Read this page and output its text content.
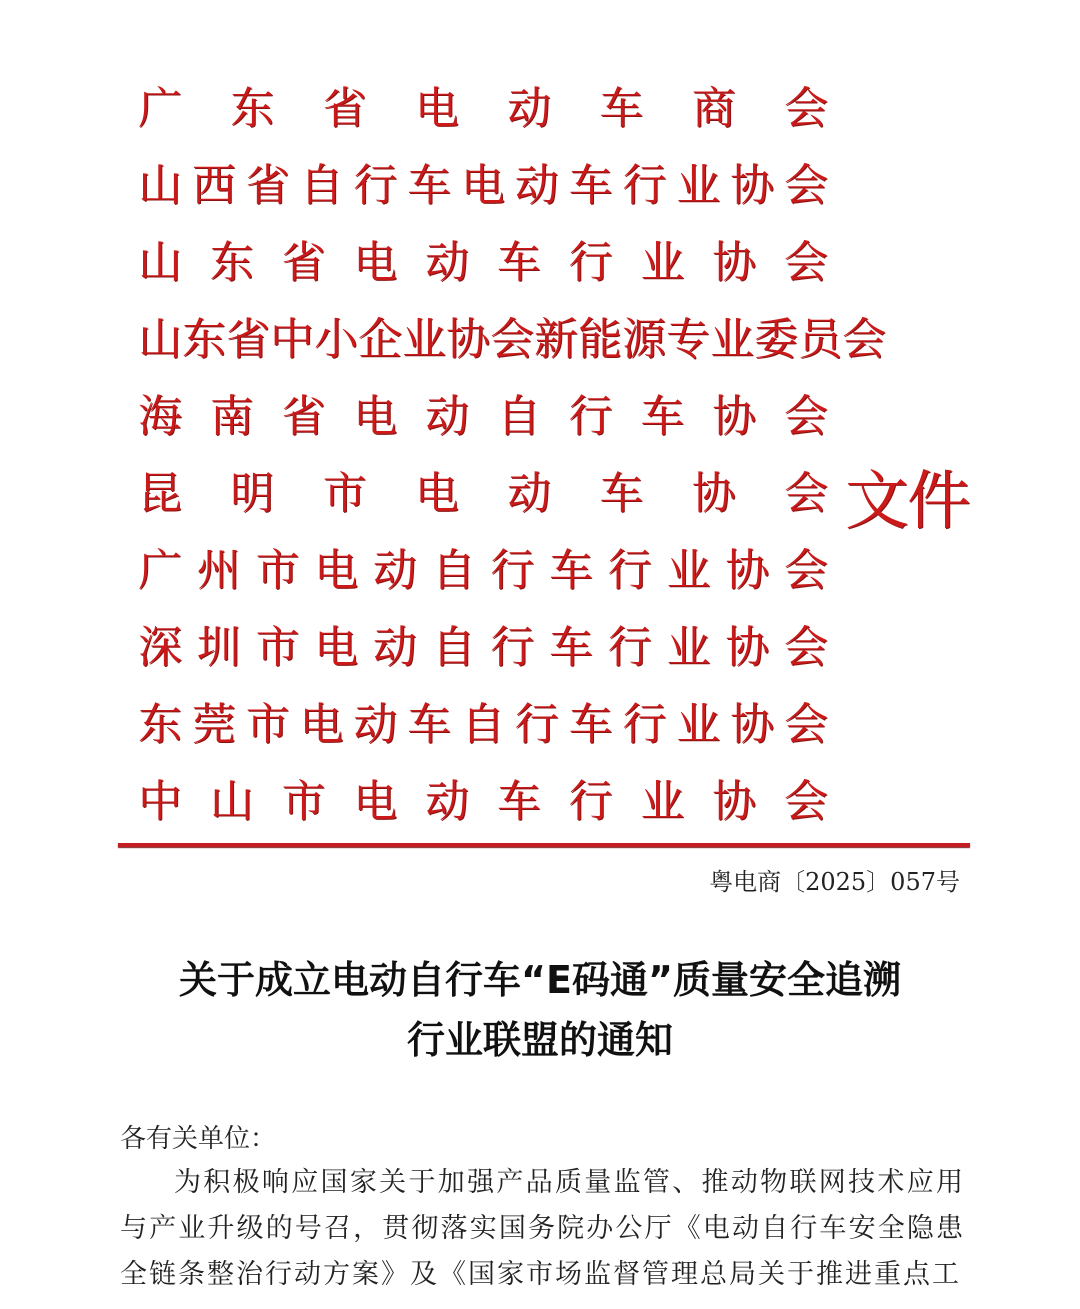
广 东 省 电 动 车 商 会
山 西 省 自 行 车 电 动 车 行 业 协 会
山 东 省 电 动 车 行 业 协 会
山 东 省 中 小 企 业 协 会 新 能 源 专 业 委 员 会
海 南 省 电 动 自 行 车 协 会
昆 明 市 电 动 车 协 会
广 州 市 电 动 自 行 车 行 业 协 会
深 圳 市 电 动 自 行 车 行 业 协 会
东 莞 市 电 动 车 自 行 车 行 业 协 会
中 山 市 电 动 车 行 业 协 会
文件
粤电商〔2025〕057号
关于成立电动自行车“E码通”质量安全追溯
行业联盟的通知
各有关单位：
为积极响应国家关于加强产品质量监管、推动物联网技术应用与产业升级的号召，贯彻落实国务院办公厅《电动自行车安全隐患全链条整治行动方案》及《国家市场监督管理总局关于推进重点工
